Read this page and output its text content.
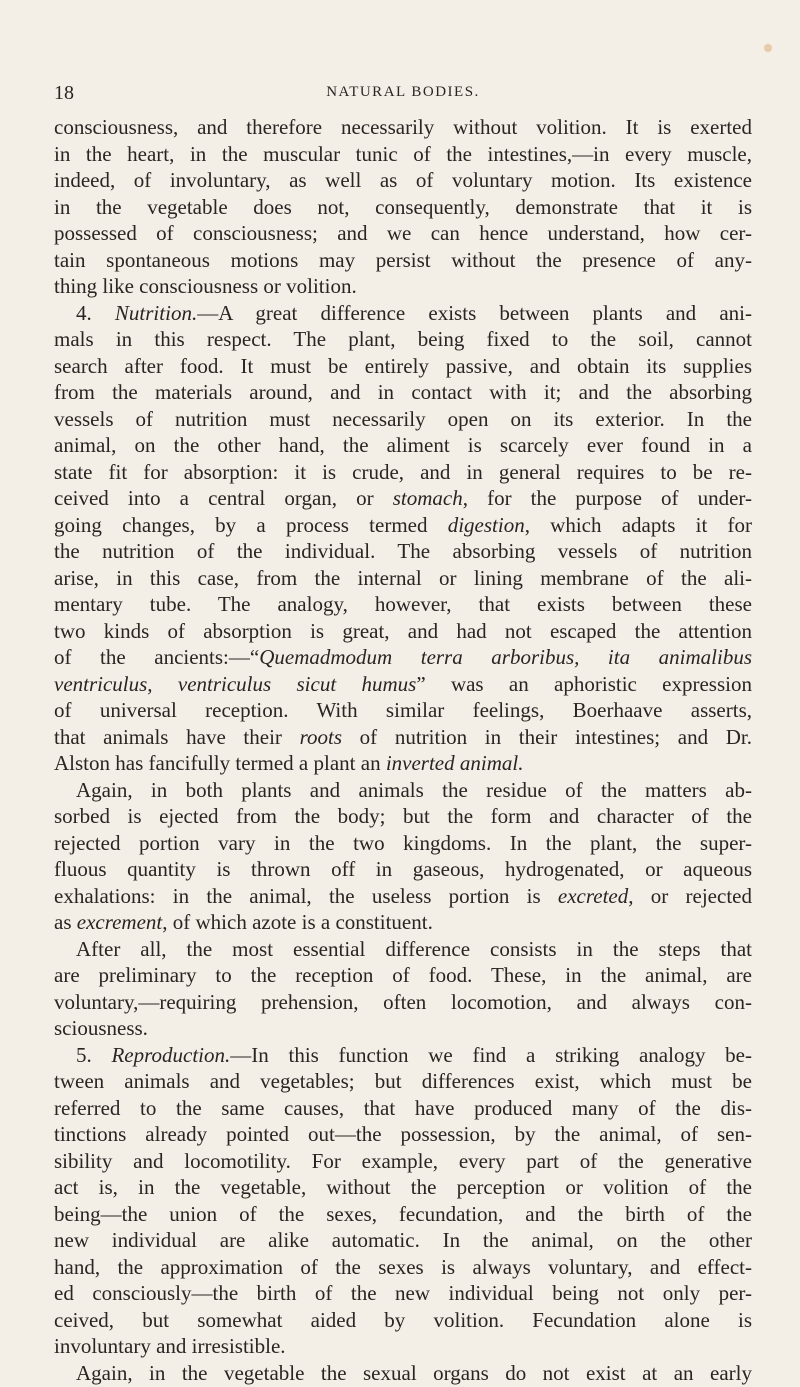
18	NATURAL BODIES.
consciousness, and therefore necessarily without volition. It is exerted
in the heart, in the muscular tunic of the intestines,—in every muscle,
indeed, of involuntary, as well as of voluntary motion. Its existence
in the vegetable does not, consequently, demonstrate that it is
possessed of consciousness; and we can hence understand, how cer-
tain spontaneous motions may persist without the presence of any-
thing like consciousness or volition.
4. Nutrition.—A great difference exists between plants and ani-
mals in this respect. The plant, being fixed to the soil, cannot
search after food. It must be entirely passive, and obtain its supplies
from the materials around, and in contact with it; and the absorbing
vessels of nutrition must necessarily open on its exterior. In the
animal, on the other hand, the aliment is scarcely ever found in a
state fit for absorption: it is crude, and in general requires to be re-
ceived into a central organ, or stomach, for the purpose of under-
going changes, by a process termed digestion, which adapts it for
the nutrition of the individual. The absorbing vessels of nutrition
arise, in this case, from the internal or lining membrane of the ali-
mentary tube. The analogy, however, that exists between these
two kinds of absorption is great, and had not escaped the attention
of the ancients:—“Quemadmodum terra arboribus, ita animalibus
ventriculus, ventriculus sicut humus” was an aphoristic expression
of universal reception. With similar feelings, Boerhaave asserts,
that animals have their roots of nutrition in their intestines; and Dr.
Alston has fancifully termed a plant an inverted animal.
Again, in both plants and animals the residue of the matters ab-
sorbed is ejected from the body; but the form and character of the
rejected portion vary in the two kingdoms. In the plant, the super-
fluous quantity is thrown off in gaseous, hydrogenated, or aqueous
exhalations: in the animal, the useless portion is excreted, or rejected
as excrement, of which azote is a constituent.
After all, the most essential difference consists in the steps that
are preliminary to the reception of food. These, in the animal, are
voluntary,—requiring prehension, often locomotion, and always con-
sciousness.
5. Reproduction.—In this function we find a striking analogy be-
tween animals and vegetables; but differences exist, which must be
referred to the same causes, that have produced many of the dis-
tinctions already pointed out—the possession, by the animal, of sen-
sibility and locomotility. For example, every part of the generative
act is, in the vegetable, without the perception or volition of the
being—the union of the sexes, fecundation, and the birth of the
new individual are alike automatic. In the animal, on the other
hand, the approximation of the sexes is always voluntary, and effect-
ed consciously—the birth of the new individual being not only per-
ceived, but somewhat aided by volition. Fecundation alone is
involuntary and irresistible.
Again, in the vegetable the sexual organs do not exist at an early
